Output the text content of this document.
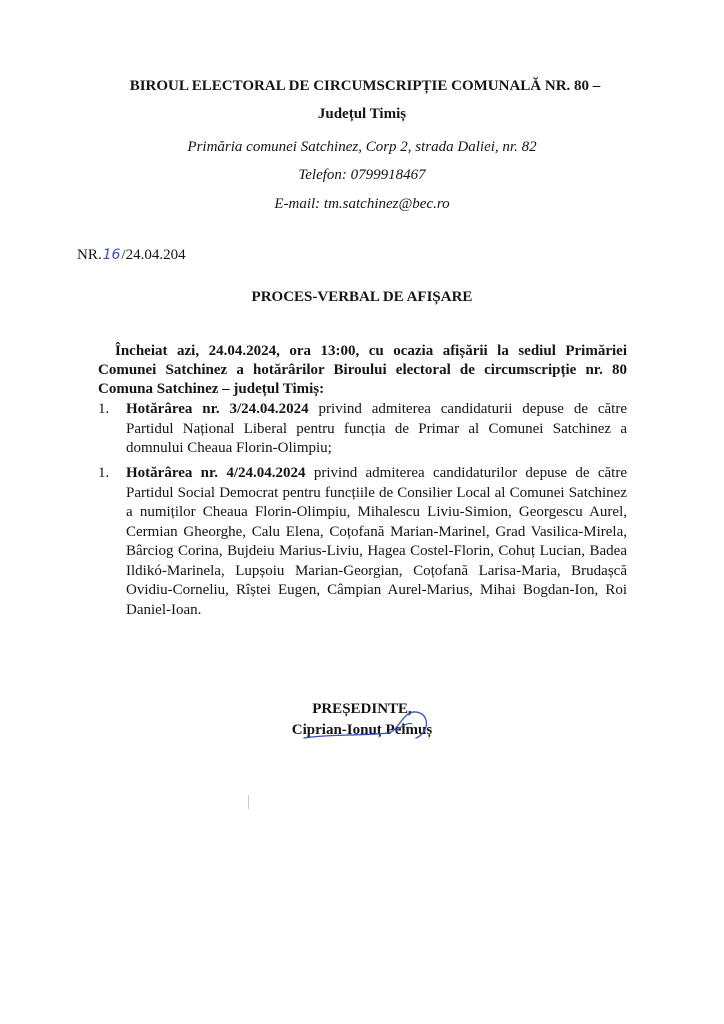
BIROUL ELECTORAL DE CIRCUMSCRIPȚIE COMUNALĂ NR. 80 –
Județul Timiș
Primăria comunei Satchinez, Corp 2, strada Daliei, nr. 82
Telefon: 0799918467
E-mail: tm.satchinez@bec.ro
NR.16/24.04.204
PROCES-VERBAL DE AFIȘARE

Încheiat azi, 24.04.2024, ora 13:00, cu ocazia afișării la sediul Primăriei Comunei Satchinez a hotărârilor Biroului electoral de circumscripție nr. 80 Comuna Satchinez – județul Timiș:

1.	Hotărârea nr. 3/24.04.2024 privind admiterea candidaturii depuse de către Partidul Național Liberal pentru funcția de Primar al Comunei Satchinez a domnului Cheaua Florin-Olimpiu;
1.	Hotărârea nr. 4/24.04.2024 privind admiterea candidaturilor depuse de către Partidul Social Democrat pentru funcțiile de Consilier Local al Comunei Satchinez a numiților Cheaua Florin-Olimpiu, Mihalescu Liviu-Simion, Georgescu Aurel, Cermian Gheorghe, Calu Elena, Coțofană Marian-Marinel, Grad Vasilica-Mirela, Bârciog Corina, Bujdeiu Marius-Liviu, Hagea Costel-Florin, Cohuț Lucian, Badea Ildikó-Marinela, Lupșoiu Marian-Georgian, Coțofană Larisa-Maria, Brudașcă Ovidiu-Corneliu, Rîștei Eugen, Câmpian Aurel-Marius, Mihai Bogdan-Ion, Roi Daniel-Ioan.
PREȘEDINTE,
Ciprian-Ionuț Pelmuș
